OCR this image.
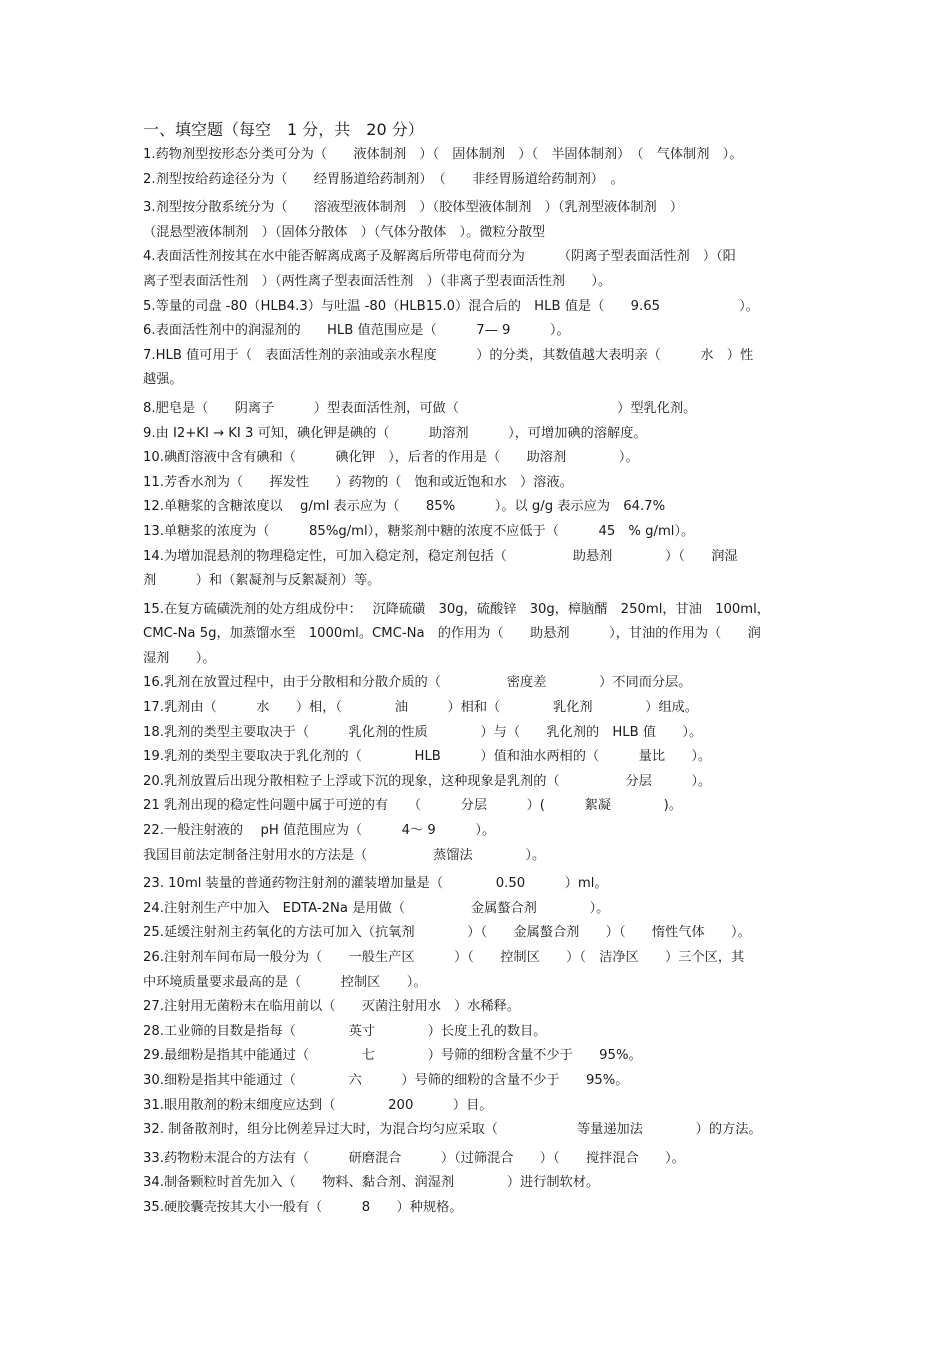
一、填空题（每空　1 分，共　20 分）
1.药物剂型按形态分类可分为（　　液体制剂　）（　固体制剂　）（　半固体制剂）　（　气体制剂　）。
2.剂型按给药途径分为（　　经胃肠道给药制剂）　（　　非经胃肠道给药制剂）　。
3.剂型按分散系统分为（　　溶液型液体制剂　）（胶体型液体制剂　）（乳剂型液体制剂　）
（混悬型液体制剂　）（固体分散体　）（气体分散体　）。微粒分散型
4.表面活性剂按其在水中能否解离成离子及解离后所带电荷而分为　　　（阴离子型表面活性剂　）（阳
离子型表面活性剂　）（两性离子型表面活性剂　）（非离子型表面活性剂　　）。
5.等量的司盘 -80（HLB4.3）与吐温 -80（HLB15.0）混合后的　HLB 值是（　　9.65　　　　　　）。
6.表面活性剂中的润湿剂的　　HLB 值范围应是（　　　7— 9　　　）。
7.HLB 值可用于（　表面活性剂的亲油或亲水程度　　　）的分类，其数值越大表明亲（　　　水　）性
越强。
8.肥皂是（　　阴离子　　　）型表面活性剂，可做（　　　　　　　　　　　　）型乳化剂。
9.由 I2+KI → KI 3 可知，碘化钾是碘的（　　　助溶剂　　　），可增加碘的溶解度。
10.碘酊溶液中含有碘和（　　　碘化钾　），后者的作用是（　　助溶剂　　　　）。
11.芳香水剂为（　　挥发性　　）药物的（　饱和或近饱和水　）溶液。
12.单糖浆的含糖浓度以　 g/ml 表示应为（　　85%　　　）。以 g/g 表示应为　64.7%
13.单糖浆的浓度为（　　　85%g/ml），糖浆剂中糖的浓度不应低于（　　　45　% g/ml）。
14.为增加混悬剂的物理稳定性，可加入稳定剂，稳定剂包括（　　　　　助悬剂　　　　）（　　润湿
剂　　　）和（絮凝剂与反絮凝剂）等。
15.在复方硫磺洗剂的处方组成份中：　 沉降硫磺　30g，硫酸锌　30g，樟脑醑　250ml，甘油　100ml，
CMC-Na 5g，加蒸馏水至　1000ml。CMC-Na　的作用为（　　助悬剂　　　），甘油的作用为（　　润
湿剂　　）。
16.乳剂在放置过程中，由于分散相和分散介质的（　　　　　密度差　　　　）不同而分层。
17.乳剂由（　　　水　　）相，（　　　　油　　　）相和（　　　　乳化剂　　　　）组成。
18.乳剂的类型主要取决于（　　　乳化剂的性质　　　　）与（　　乳化剂的　HLB 值　　）。
19.乳剂的类型主要取决于乳化剂的（　　　　HLB　　　）值和油水两相的（　　　量比　　）。
20.乳剂放置后出现分散相粒子上浮或下沉的现象，这种现象是乳剂的（　　　　　分层　　　）。
21 乳剂出现的稳定性问题中属于可逆的有　　（　　　分层　　　）(　　　絮凝　　　　)。
22.一般注射液的　 pH 值范围应为（　　　4～ 9　　　）。
我国目前法定制备注射用水的方法是（　　　　　蒸馏法　　　　）。
23. 10ml 装量的普通药物注射剂的灌装增加量是（　　　　0.50　　　）ml。
24.注射剂生产中加入　EDTA-2Na 是用做（　　　　　金属螯合剂　　　　）。
25.延缓注射剂主药氧化的方法可加入（抗氧剂　　　　）（　　金属螯合剂　　）（　　惰性气体　　）。
26.注射剂车间布局一般分为（　　一般生产区　　　）（　　控制区　　）（　洁净区　　）三个区，其
中环境质量要求最高的是（　　　控制区　　）。
27.注射用无菌粉末在临用前以（　　灭菌注射用水　）水稀释。
28.工业筛的目数是指每（　　　　英寸　　　　）长度上孔的数目。
29.最细粉是指其中能通过（　　　　七　　　　）号筛的细粉含量不少于　　95%。
30.细粉是指其中能通过（　　　　六　　　）号筛的细粉的含量不少于　　95%。
31.眼用散剂的粉末细度应达到（　　　　200　　　）目。
32. 制备散剂时，组分比例差异过大时，为混合均匀应采取（　　　　　　等量递加法　　　　）的方法。
33.药物粉末混合的方法有（　　　研磨混合　　　）（过筛混合　　）（　　搅拌混合　　）。
34.制备颗粒时首先加入（　　物料、黏合剂、润湿剂　　　　）进行制软材。
35.硬胶囊壳按其大小一般有（　　　8　　）种规格。
